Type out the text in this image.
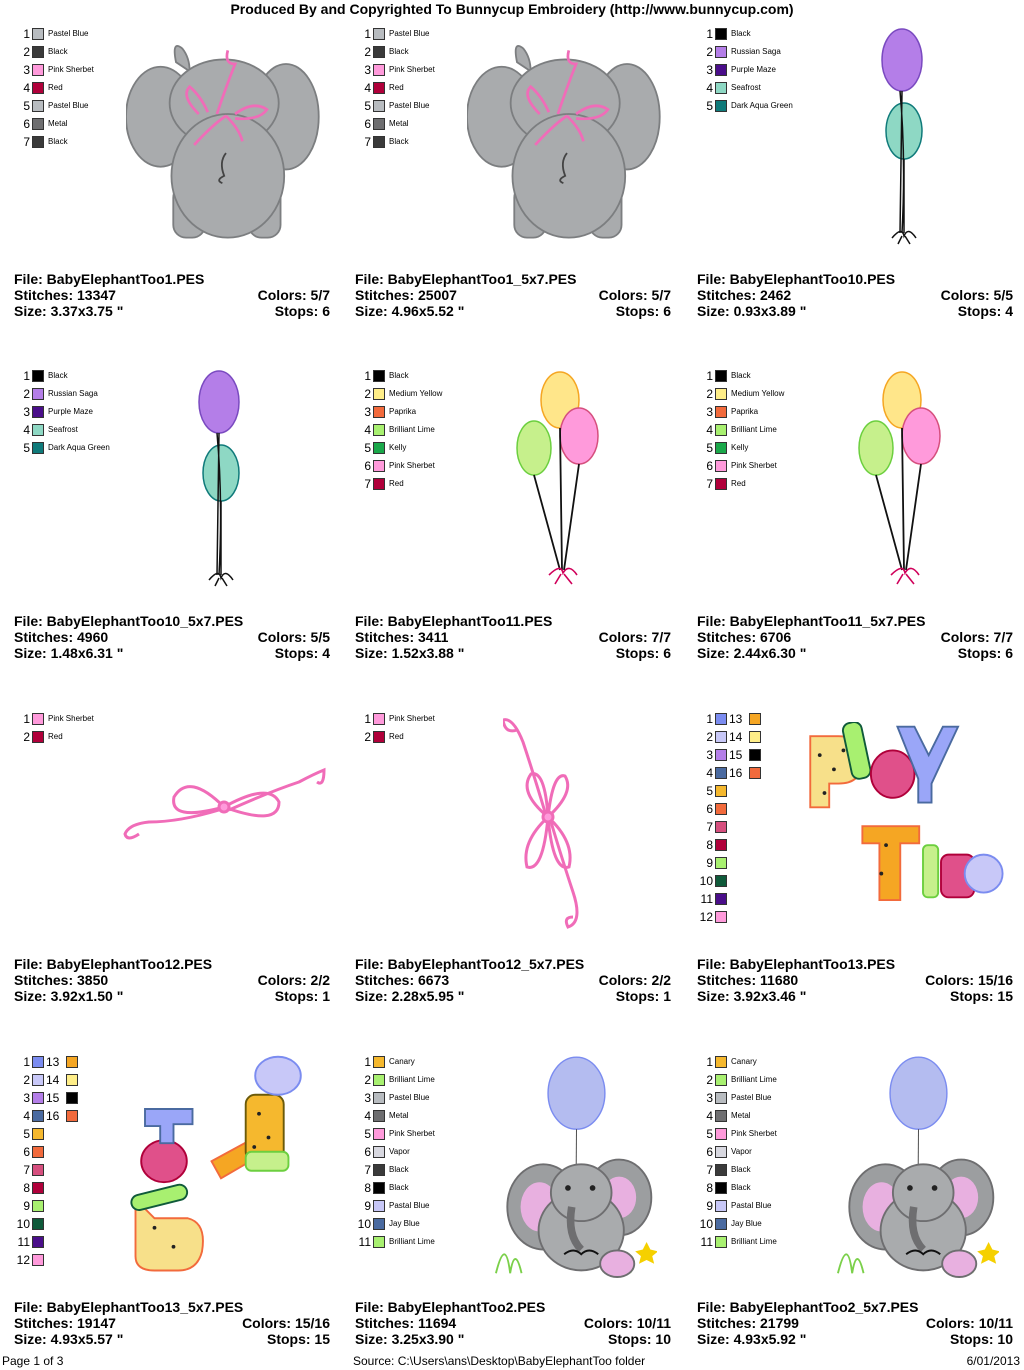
Produced By and Copyrighted To Bunnycup Embroidery (http://www.bunnycup.com)
1 Pastel Blue
2 Black
3 Pink Sherbet
4 Red
5 Pastel Blue
6 Metal
7 Black
File: BabyElephantToo1.PES
Stitches: 13347	Colors: 5/7
Size: 3.37x3.75 "	Stops: 6
1 Pastel Blue
2 Black
3 Pink Sherbet
4 Red
5 Pastel Blue
6 Metal
7 Black
File: BabyElephantToo1_5x7.PES
Stitches: 25007	Colors: 5/7
Size: 4.96x5.52 "	Stops: 6
1 Black
2 Russian Saga
3 Purple Maze
4 Seafrost
5 Dark Aqua Green
File: BabyElephantToo10.PES
Stitches: 2462	Colors: 5/5
Size: 0.93x3.89 "	Stops: 4
1 Black
2 Russian Saga
3 Purple Maze
4 Seafrost
5 Dark Aqua Green
File: BabyElephantToo10_5x7.PES
Stitches: 4960	Colors: 5/5
Size: 1.48x6.31 "	Stops: 4
1 Black
2 Medium Yellow
3 Paprika
4 Brilliant Lime
5 Kelly
6 Pink Sherbet
7 Red
File: BabyElephantToo11.PES
Stitches: 3411	Colors: 7/7
Size: 1.52x3.88 "	Stops: 6
1 Black
2 Medium Yellow
3 Paprika
4 Brilliant Lime
5 Kelly
6 Pink Sherbet
7 Red
File: BabyElephantToo11_5x7.PES
Stitches: 6706	Colors: 7/7
Size: 2.44x6.30 "	Stops: 6
1 Pink Sherbet
2 Red
File: BabyElephantToo12.PES
Stitches: 3850	Colors: 2/2
Size: 3.92x1.50 "	Stops: 1
1 Pink Sherbet
2 Red
File: BabyElephantToo12_5x7.PES
Stitches: 6673	Colors: 2/2
Size: 2.28x5.95 "	Stops: 1
1 13
2 14
3 15
4 16
5
6
7
8
9
10
11
12
File: BabyElephantToo13.PES
Stitches: 11680	Colors: 15/16
Size: 3.92x3.46 "	Stops: 15
1 13
2 14
3 15
4 16
5
6
7
8
9
10
11
12
File: BabyElephantToo13_5x7.PES
Stitches: 19147	Colors: 15/16
Size: 4.93x5.57 "	Stops: 15
1 Canary
2 Brilliant Lime
3 Pastel Blue
4 Metal
5 Pink Sherbet
6 Vapor
7 Black
8 Black
9 Pastal Blue
10 Jay Blue
11 Brilliant Lime
File: BabyElephantToo2.PES
Stitches: 11694	Colors: 10/11
Size: 3.25x3.90 "	Stops: 10
1 Canary
2 Brilliant Lime
3 Pastel Blue
4 Metal
5 Pink Sherbet
6 Vapor
7 Black
8 Black
9 Pastal Blue
10 Jay Blue
11 Brilliant Lime
File: BabyElephantToo2_5x7.PES
Stitches: 21799	Colors: 10/11
Size: 4.93x5.92 "	Stops: 10
Page 1 of 3	Source: C:\Users\ans\Desktop\BabyElephantToo folder	6/01/2013
